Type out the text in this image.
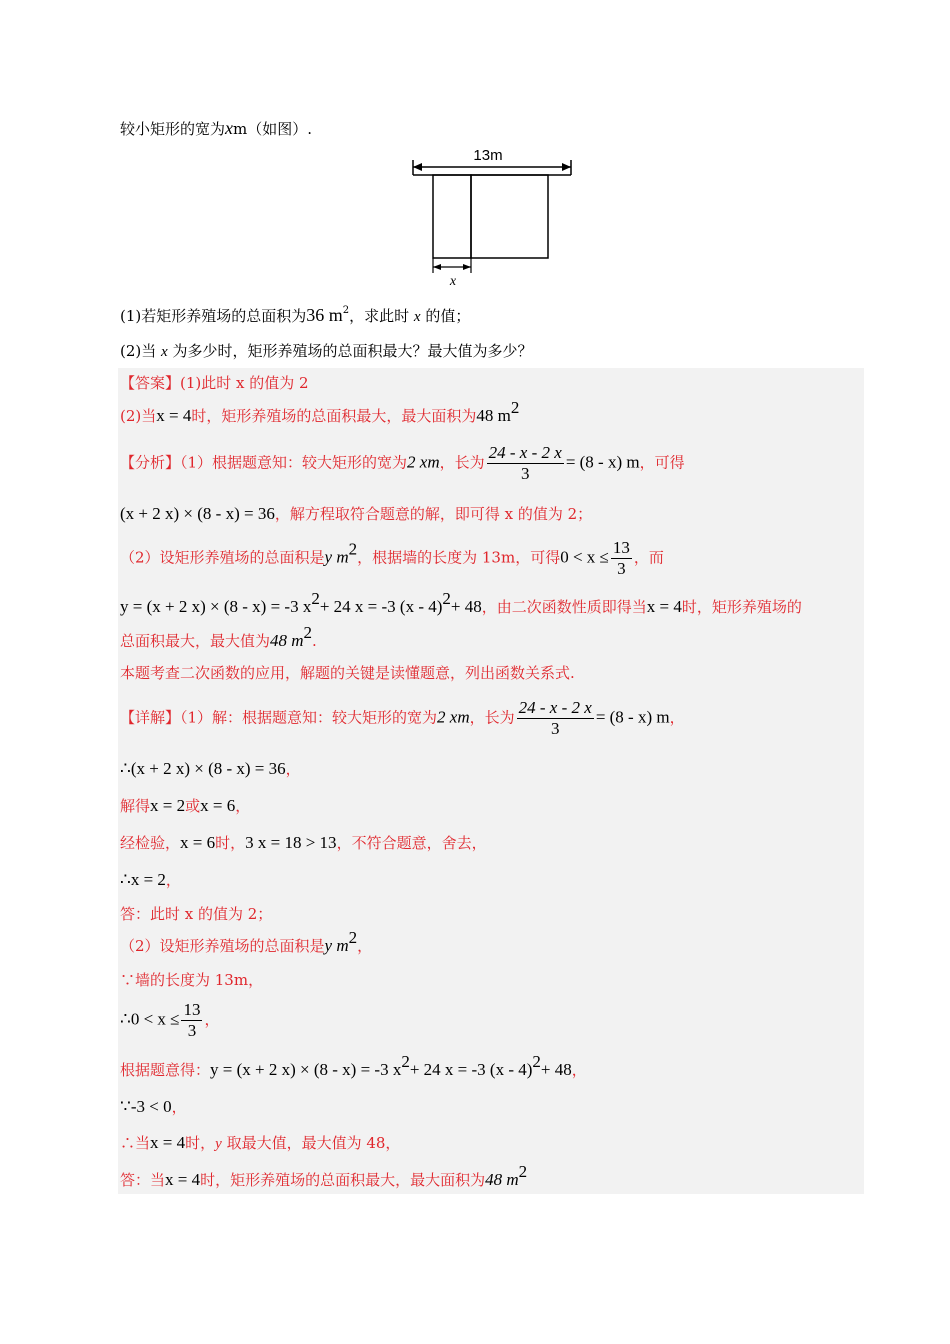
较小矩形的宽为xm（如图）.
13m
x
(1)若矩形养殖场的总面积为36 $m^2$，求此时 x 的值；
(2)当 x 为多少时，矩形养殖场的总面积最大？最大值为多少？
【答案】(1)此时 x 的值为 2
(2)当x = 4时，矩形养殖场的总面积最大，最大面积为48 $m^2$
【分析】（1）根据题意知：较大矩形的宽为2 xm，长为 $\frac{24 - x - 2 x}{3} = (8 - x)$ m，可得
(x + 2 x) × (8 - x) = 36，解方程取符合题意的解，即可得 x 的值为 2；
（2）设矩形养殖场的总面积是y $m^2$，根据墙的长度为 13m，可得$0 < x \le \frac{13}{3}$ ，而
y = (x + 2 x) × (8 - x) = -3 $x^2+ 24$ x = -3 (x - 4)$^2$+ 48，由二次函数性质即得当x = 4时，矩形养殖场的
总面积最大，最大值为48 $m^2$.
本题考查二次函数的应用，解题的关键是读懂题意，列出函数关系式.
【详解】（1）解：根据题意知：较大矩形的宽为2 xm，长为 $\frac{24 - x - 2 x}{3} = (8 - x)$ m，
∴(x + 2 x) × (8 - x) = 36，
解得x = 2或x = 6，
经检验，x = 6时，3 x = 18 > 13，不符合题意，舍去，
∴x = 2，
答：此时 x 的值为 2；
（2）设矩形养殖场的总面积是y $m^2$，
∵墙的长度为 13m，
∴0 < $x \le \frac{13}{3}$ ，
根据题意得：y = (x + 2 x) × (8 - x) = -3 $x^2+ 24$ x = -3 (x - 4)$^2$+ 48，
∵-3 < 0，
∴当x = 4时，y 取最大值，最大值为 48，
答：当x = 4时，矩形养殖场的总面积最大，最大面积为48 $m^2$
